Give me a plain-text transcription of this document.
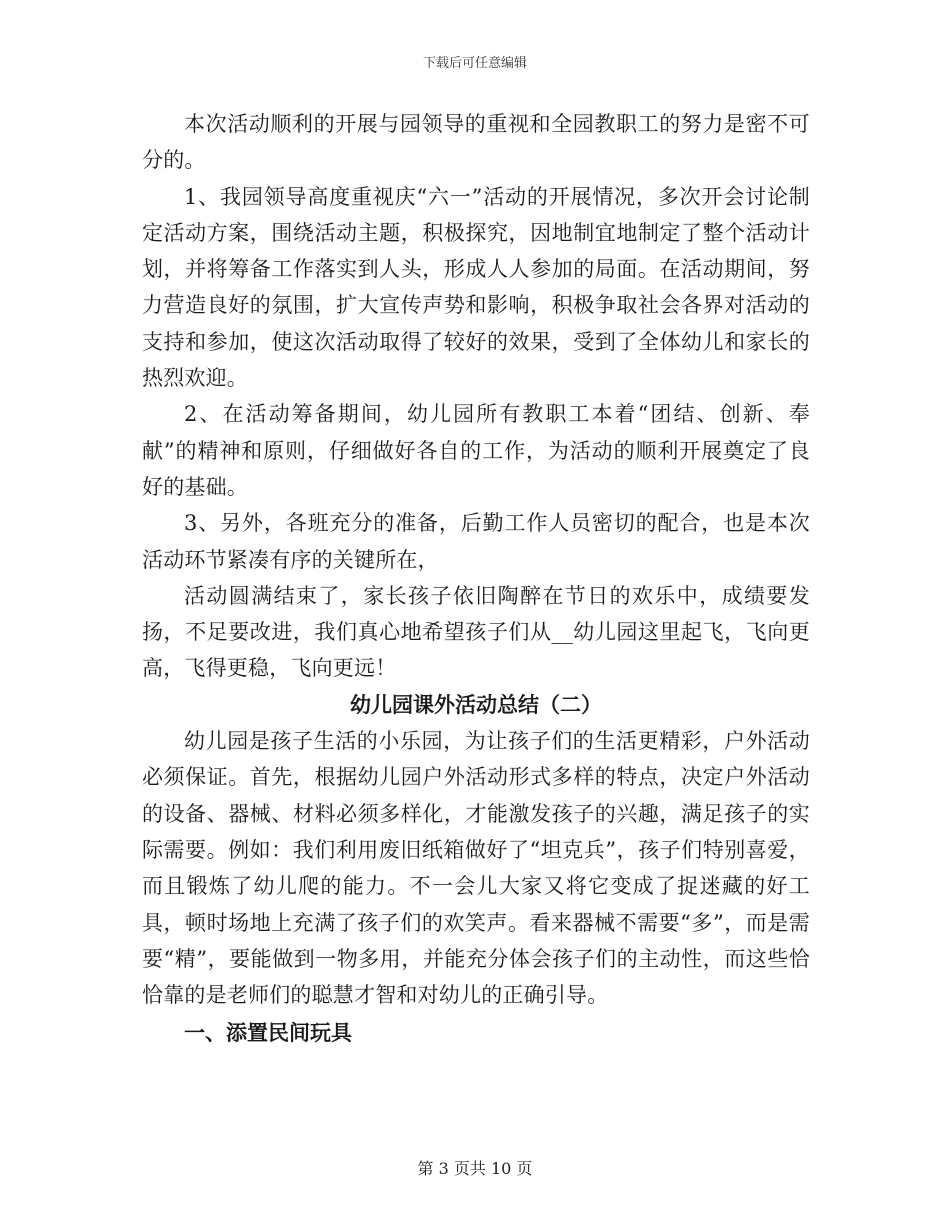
下载后可任意编辑

本次活动顺利的开展与园领导的重视和全园教职工的努力是密不可分的。

1、我园领导高度重视庆“六一”活动的开展情况，多次开会讨论制定活动方案，围绕活动主题，积极探究，因地制宜地制定了整个活动计划，并将筹备工作落实到人头，形成人人参加的局面。在活动期间，努力营造良好的氛围，扩大宣传声势和影响，积极争取社会各界对活动的支持和参加，使这次活动取得了较好的效果，受到了全体幼儿和家长的热烈欢迎。

2、在活动筹备期间，幼儿园所有教职工本着“团结、创新、奉献”的精神和原则，仔细做好各自的工作，为活动的顺利开展奠定了良好的基础。

3、另外，各班充分的准备，后勤工作人员密切的配合，也是本次活动环节紧凑有序的关键所在，

活动圆满结束了，家长孩子依旧陶醉在节日的欢乐中，成绩要发扬，不足要改进，我们真心地希望孩子们从__幼儿园这里起飞，飞向更高，飞得更稳，飞向更远！

幼儿园课外活动总结（二）

幼儿园是孩子生活的小乐园，为让孩子们的生活更精彩，户外活动必须保证。首先，根据幼儿园户外活动形式多样的特点，决定户外活动的设备、器械、材料必须多样化，才能激发孩子的兴趣，满足孩子的实际需要。例如：我们利用废旧纸箱做好了“坦克兵”，孩子们特别喜爱，而且锻炼了幼儿爬的能力。不一会儿大家又将它变成了捉迷藏的好工具，顿时场地上充满了孩子们的欢笑声。看来器械不需要“多”，而是需要“精”，要能做到一物多用，并能充分体会孩子们的主动性，而这些恰恰靠的是老师们的聪慧才智和对幼儿的正确引导。

一、添置民间玩具

第 3 页共 10 页
